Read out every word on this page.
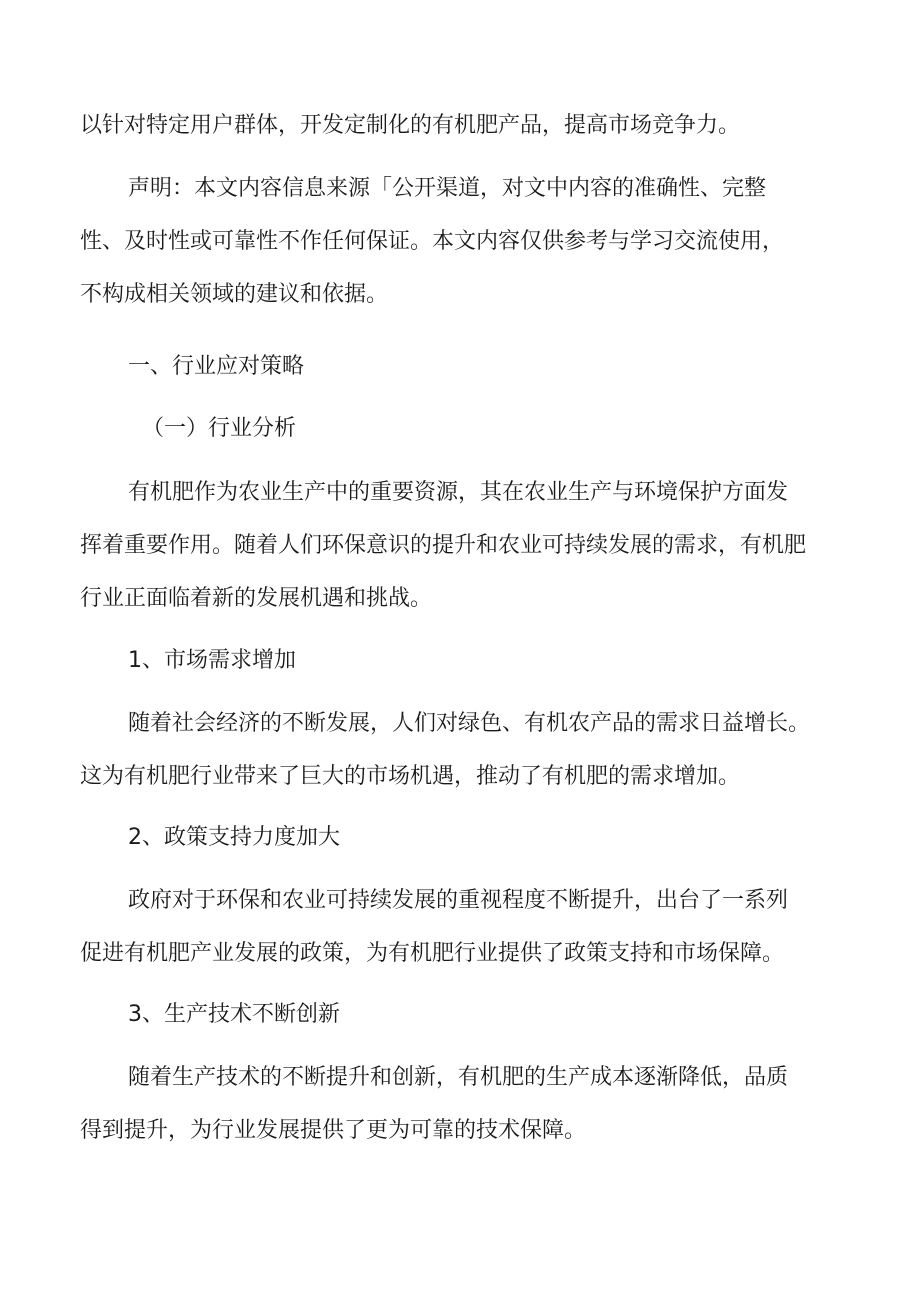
以针对特定用户群体，开发定制化的有机肥产品，提高市场竞争力。
声明：本文内容信息来源「公开渠道，对文中内容的准确性、完整
性、及时性或可靠性不作任何保证。本文内容仅供参考与学习交流使用，
不构成相关领域的建议和依据。
一、行业应对策略
（一）行业分析
有机肥作为农业生产中的重要资源，其在农业生产与环境保护方面发
挥着重要作用。随着人们环保意识的提升和农业可持续发展的需求，有机肥
行业正面临着新的发展机遇和挑战。
1、市场需求增加
随着社会经济的不断发展，人们对绿色、有机农产品的需求日益增长。
这为有机肥行业带来了巨大的市场机遇，推动了有机肥的需求增加。
2、政策支持力度加大
政府对于环保和农业可持续发展的重视程度不断提升，出台了一系列
促进有机肥产业发展的政策，为有机肥行业提供了政策支持和市场保障。
3、生产技术不断创新
随着生产技术的不断提升和创新，有机肥的生产成本逐渐降低，品质
得到提升，为行业发展提供了更为可靠的技术保障。
